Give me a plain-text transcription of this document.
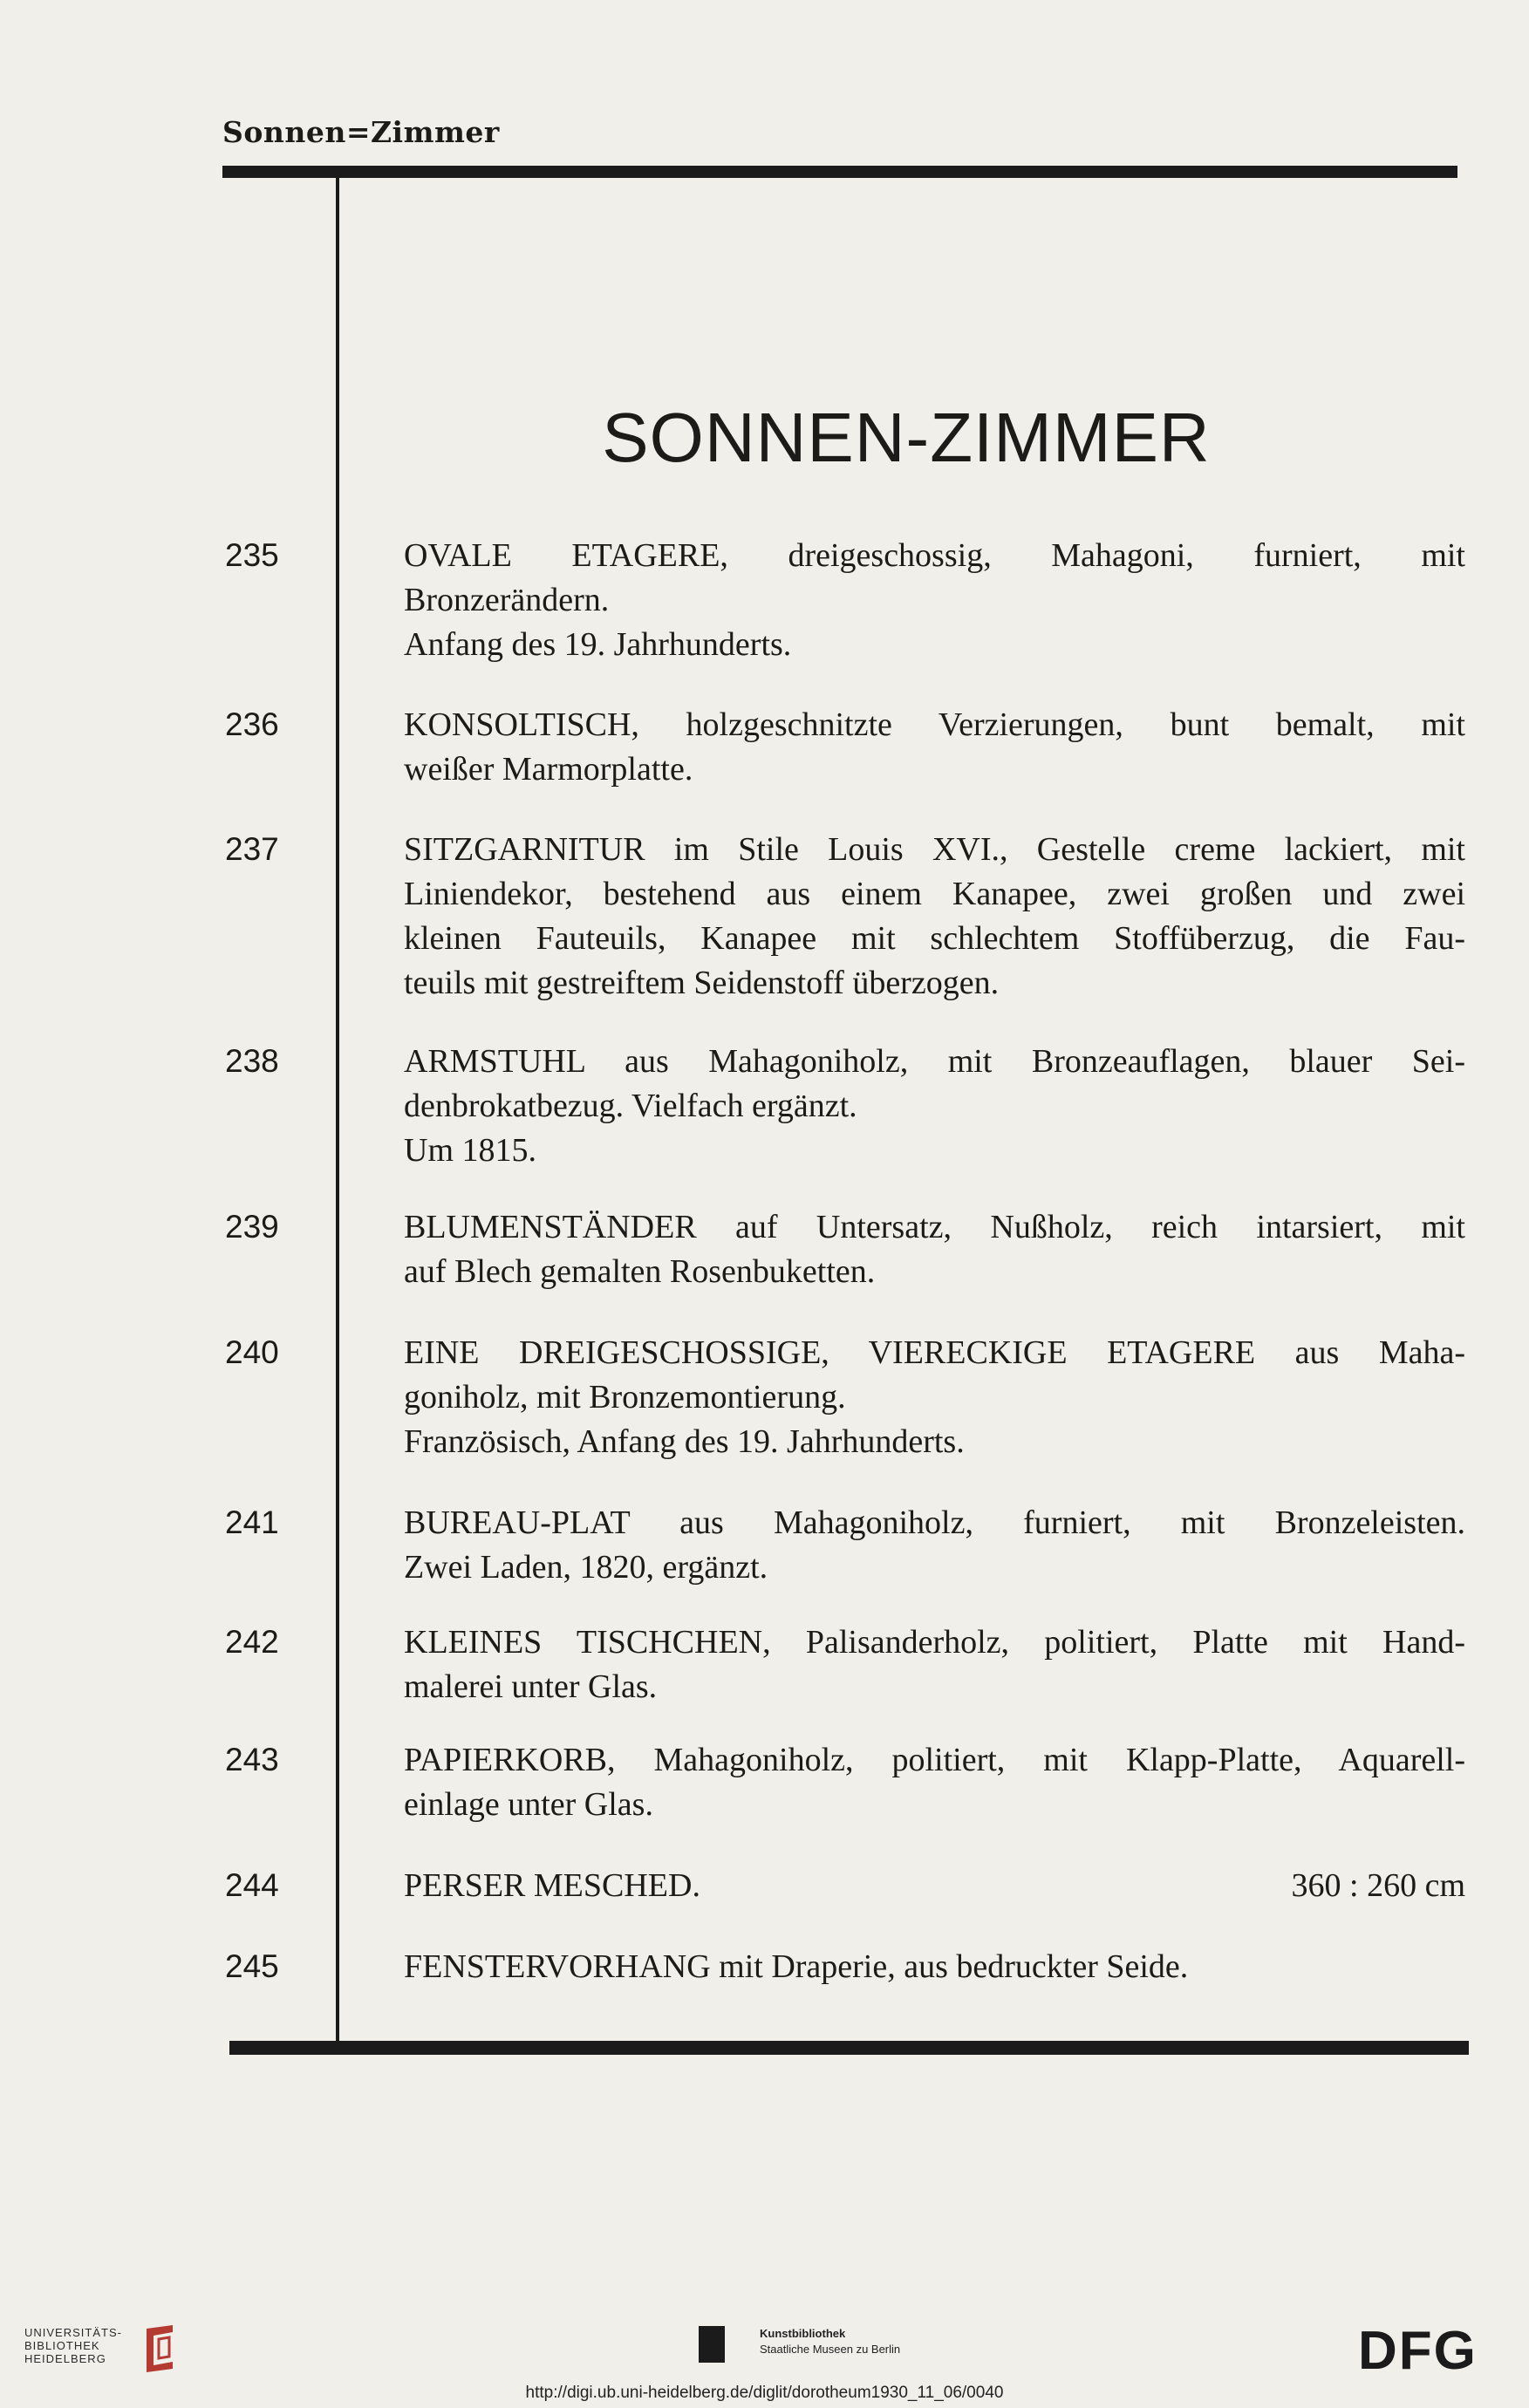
Sonnen=Zimmer
SONNEN-ZIMMER
235	OVALE ETAGERE, dreigeschossig, Mahagoni, furniert, mit
Bronzerändern.
Anfang des 19. Jahrhunderts.
236	KONSOLTISCH, holzgeschnitzte Verzierungen, bunt bemalt, mit
weißer Marmorplatte.
237	SITZGARNITUR im Stile Louis XVI., Gestelle creme lackiert, mit
Liniendekor, bestehend aus einem Kanapee, zwei großen und zwei
kleinen Fauteuils, Kanapee mit schlechtem Stoffüberzug, die Fau-
teuils mit gestreiftem Seidenstoff überzogen.
238	ARMSTUHL aus Mahagoniholz, mit Bronzeauflagen, blauer Sei-
denbrokatbezug. Vielfach ergänzt.
Um 1815.
239	BLUMENSTÄNDER auf Untersatz, Nußholz, reich intarsiert, mit
auf Blech gemalten Rosenbuketten.
240	EINE DREIGESCHOSSIGE, VIERECKIGE ETAGERE aus Maha-
goniholz, mit Bronzemontierung.
Französisch, Anfang des 19. Jahrhunderts.
241	BUREAU-PLAT aus Mahagoniholz, furniert, mit Bronzeleisten.
Zwei Laden, 1820, ergänzt.
242	KLEINES TISCHCHEN, Palisanderholz, politiert, Platte mit Hand-
malerei unter Glas.
243	PAPIERKORB, Mahagoniholz, politiert, mit Klapp-Platte, Aquarell-
einlage unter Glas.
244	PERSER MESCHED.	360 : 260 cm
245	FENSTERVORHANG mit Draperie, aus bedruckter Seide.
UNIVERSITÄTS-
BIBLIOTHEK
HEIDELBERG
Kunstbibliothek
Staatliche Museen zu Berlin	DFG
http://digi.ub.uni-heidelberg.de/diglit/dorotheum1930_11_06/0040
